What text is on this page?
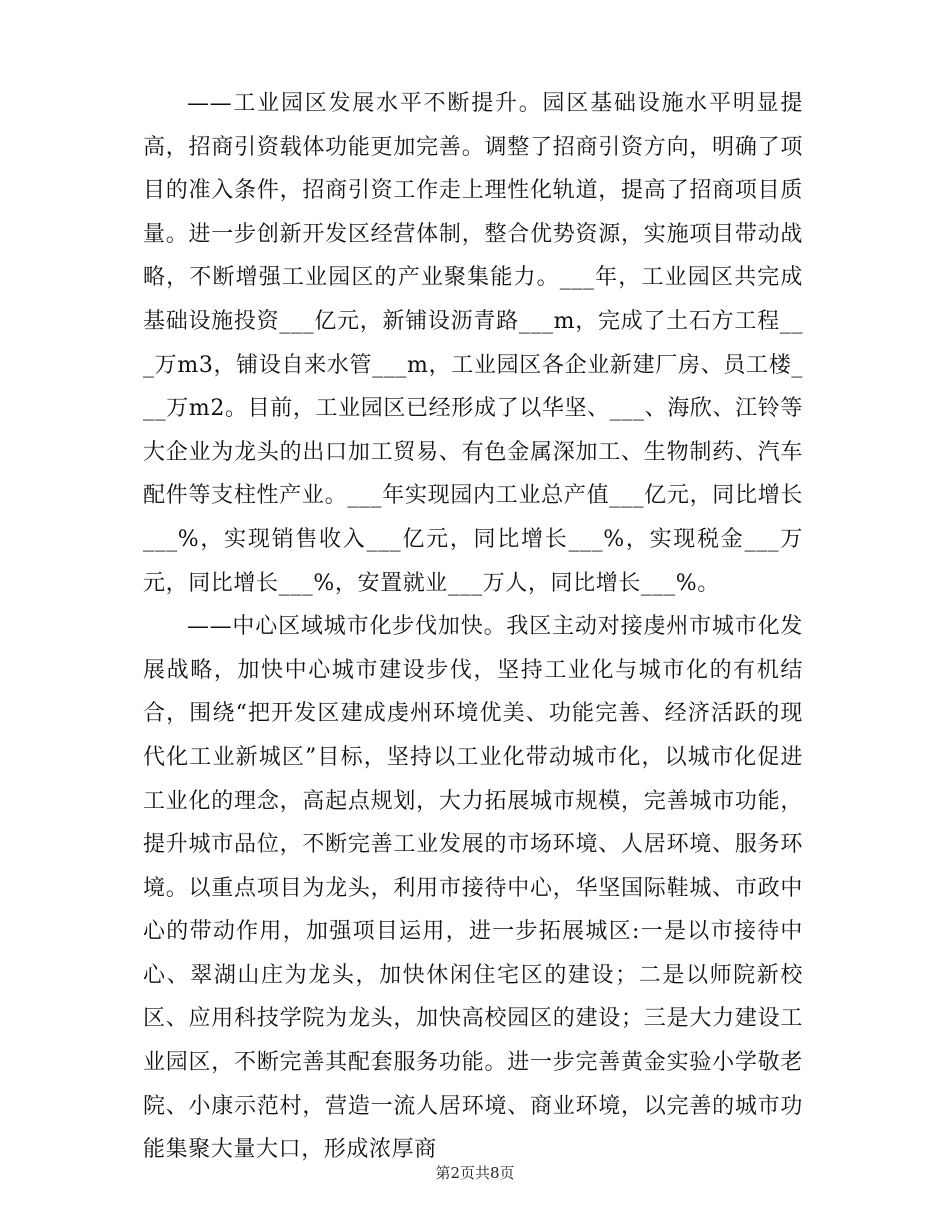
——工业园区发展水平不断提升。园区基础设施水平明显提高，招商引资载体功能更加完善。调整了招商引资方向，明确了项目的准入条件，招商引资工作走上理性化轨道，提高了招商项目质量。进一步创新开发区经营体制，整合优势资源，实施项目带动战略，不断增强工业园区的产业聚集能力。___年，工业园区共完成基础设施投资___亿元，新铺设沥青路___m，完成了土石方工程___万m3，铺设自来水管___m，工业园区各企业新建厂房、员工楼___万m2。目前，工业园区已经形成了以华坚、___、海欣、江铃等大企业为龙头的出口加工贸易、有色金属深加工、生物制药、汽车配件等支柱性产业。___年实现园内工业总产值___亿元，同比增长___%，实现销售收入___亿元，同比增长___%，实现税金___万元，同比增长___%，安置就业___万人，同比增长___%。

——中心区域城市化步伐加快。我区主动对接虔州市城市化发展战略，加快中心城市建设步伐，坚持工业化与城市化的有机结合，围绕“把开发区建成虔州环境优美、功能完善、经济活跃的现代化工业新城区”目标，坚持以工业化带动城市化，以城市化促进工业化的理念，高起点规划，大力拓展城市规模，完善城市功能，提升城市品位，不断完善工业发展的市场环境、人居环境、服务环境。以重点项目为龙头，利用市接待中心，华坚国际鞋城、市政中心的带动作用，加强项目运用，进一步拓展城区:一是以市接待中心、翠湖山庄为龙头，加快休闲住宅区的建设；二是以师院新校区、应用科技学院为龙头，加快高校园区的建设；三是大力建设工业园区，不断完善其配套服务功能。进一步完善黄金实验小学敬老院、小康示范村，营造一流人居环境、商业环境，以完善的城市功能集聚大量大口，形成浓厚商

第2页共8页
